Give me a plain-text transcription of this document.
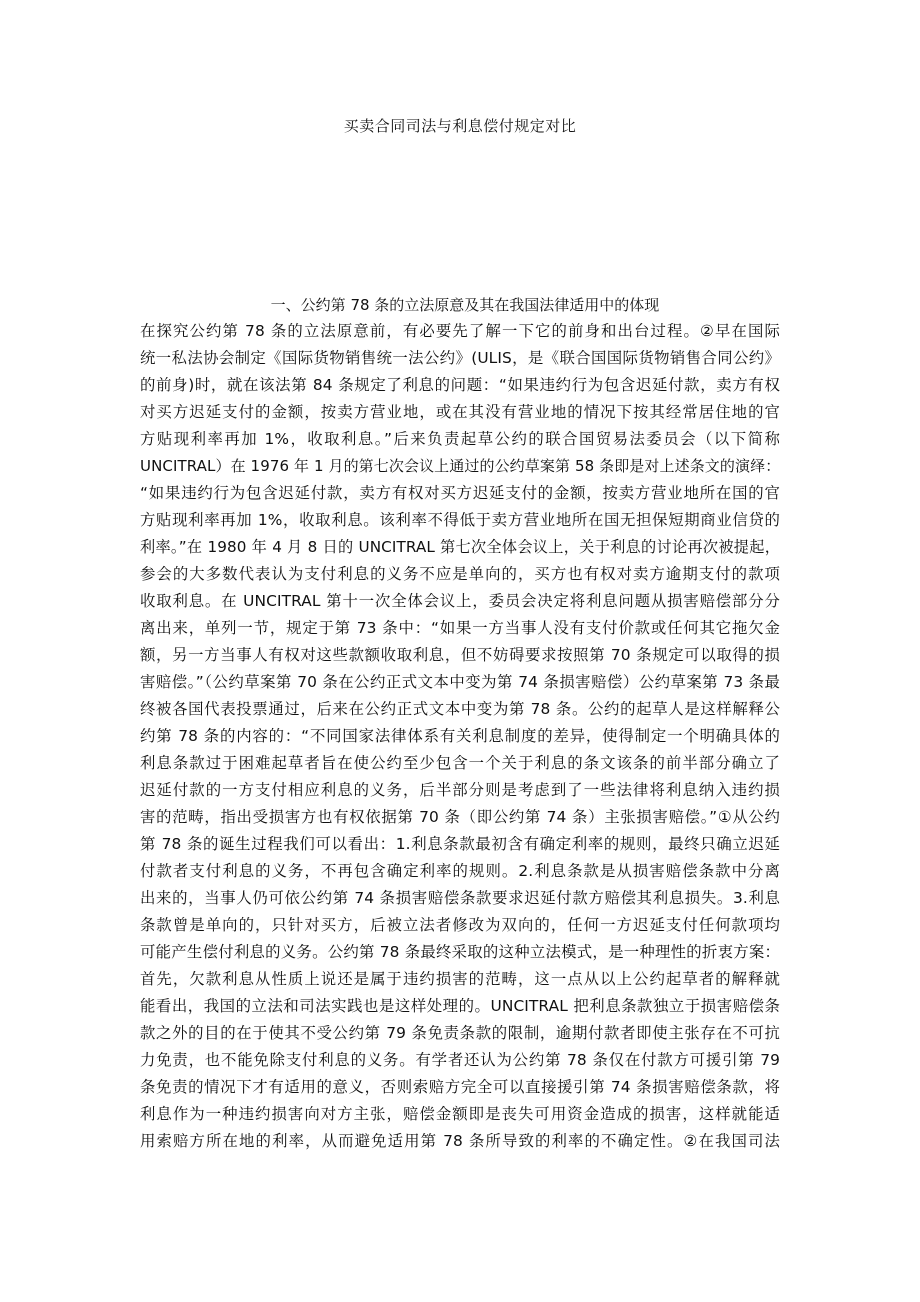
买卖合同司法与利息偿付规定对比
一、公约第 78 条的立法原意及其在我国法律适用中的体现
在探究公约第 78 条的立法原意前，有必要先了解一下它的前身和出台过程。②早在国际
统一私法协会制定《国际货物销售统一法公约》(ULIS，是《联合国国际货物销售合同公约》
的前身)时，就在该法第 84 条规定了利息的问题：“如果违约行为包含迟延付款，卖方有权
对买方迟延支付的金额，按卖方营业地，或在其没有营业地的情况下按其经常居住地的官
方贴现利率再加 1%，收取利息。”后来负责起草公约的联合国贸易法委员会（以下简称
UNCITRAL）在 1976 年 1 月的第七次会议上通过的公约草案第 58 条即是对上述条文的演绎：
“如果违约行为包含迟延付款，卖方有权对买方迟延支付的金额，按卖方营业地所在国的官
方贴现利率再加 1%，收取利息。该利率不得低于卖方营业地所在国无担保短期商业信贷的
利率。”在 1980 年 4 月 8 日的 UNCITRAL 第七次全体会议上，关于利息的讨论再次被提起，
参会的大多数代表认为支付利息的义务不应是单向的，买方也有权对卖方逾期支付的款项
收取利息。在 UNCITRAL 第十一次全体会议上，委员会决定将利息问题从损害赔偿部分分
离出来，单列一节，规定于第 73 条中：“如果一方当事人没有支付价款或任何其它拖欠金
额，另一方当事人有权对这些款额收取利息，但不妨碍要求按照第 70 条规定可以取得的损
害赔偿。”（公约草案第 70 条在公约正式文本中变为第 74 条损害赔偿）公约草案第 73 条最
终被各国代表投票通过，后来在公约正式文本中变为第 78 条。公约的起草人是这样解释公
约第 78 条的内容的：“不同国家法律体系有关利息制度的差异，使得制定一个明确具体的
利息条款过于困难起草者旨在使公约至少包含一个关于利息的条文该条的前半部分确立了
迟延付款的一方支付相应利息的义务，后半部分则是考虑到了一些法律将利息纳入违约损
害的范畴，指出受损害方也有权依据第 70 条（即公约第 74 条）主张损害赔偿。”①从公约
第 78 条的诞生过程我们可以看出：1.利息条款最初含有确定利率的规则，最终只确立迟延
付款者支付利息的义务，不再包含确定利率的规则。2.利息条款是从损害赔偿条款中分离
出来的，当事人仍可依公约第 74 条损害赔偿条款要求迟延付款方赔偿其利息损失。3.利息
条款曾是单向的，只针对买方，后被立法者修改为双向的，任何一方迟延支付任何款项均
可能产生偿付利息的义务。公约第 78 条最终采取的这种立法模式，是一种理性的折衷方案：
首先，欠款利息从性质上说还是属于违约损害的范畴，这一点从以上公约起草者的解释就
能看出，我国的立法和司法实践也是这样处理的。UNCITRAL 把利息条款独立于损害赔偿条
款之外的目的在于使其不受公约第 79 条免责条款的限制，逾期付款者即使主张存在不可抗
力免责，也不能免除支付利息的义务。有学者还认为公约第 78 条仅在付款方可援引第 79
条免责的情况下才有适用的意义，否则索赔方完全可以直接援引第 74 条损害赔偿条款，将
利息作为一种违约损害向对方主张，赔偿金额即是丧失可用资金造成的损害，这样就能适
用索赔方所在地的利率，从而避免适用第 78 条所导致的利率的不确定性。②在我国司法
